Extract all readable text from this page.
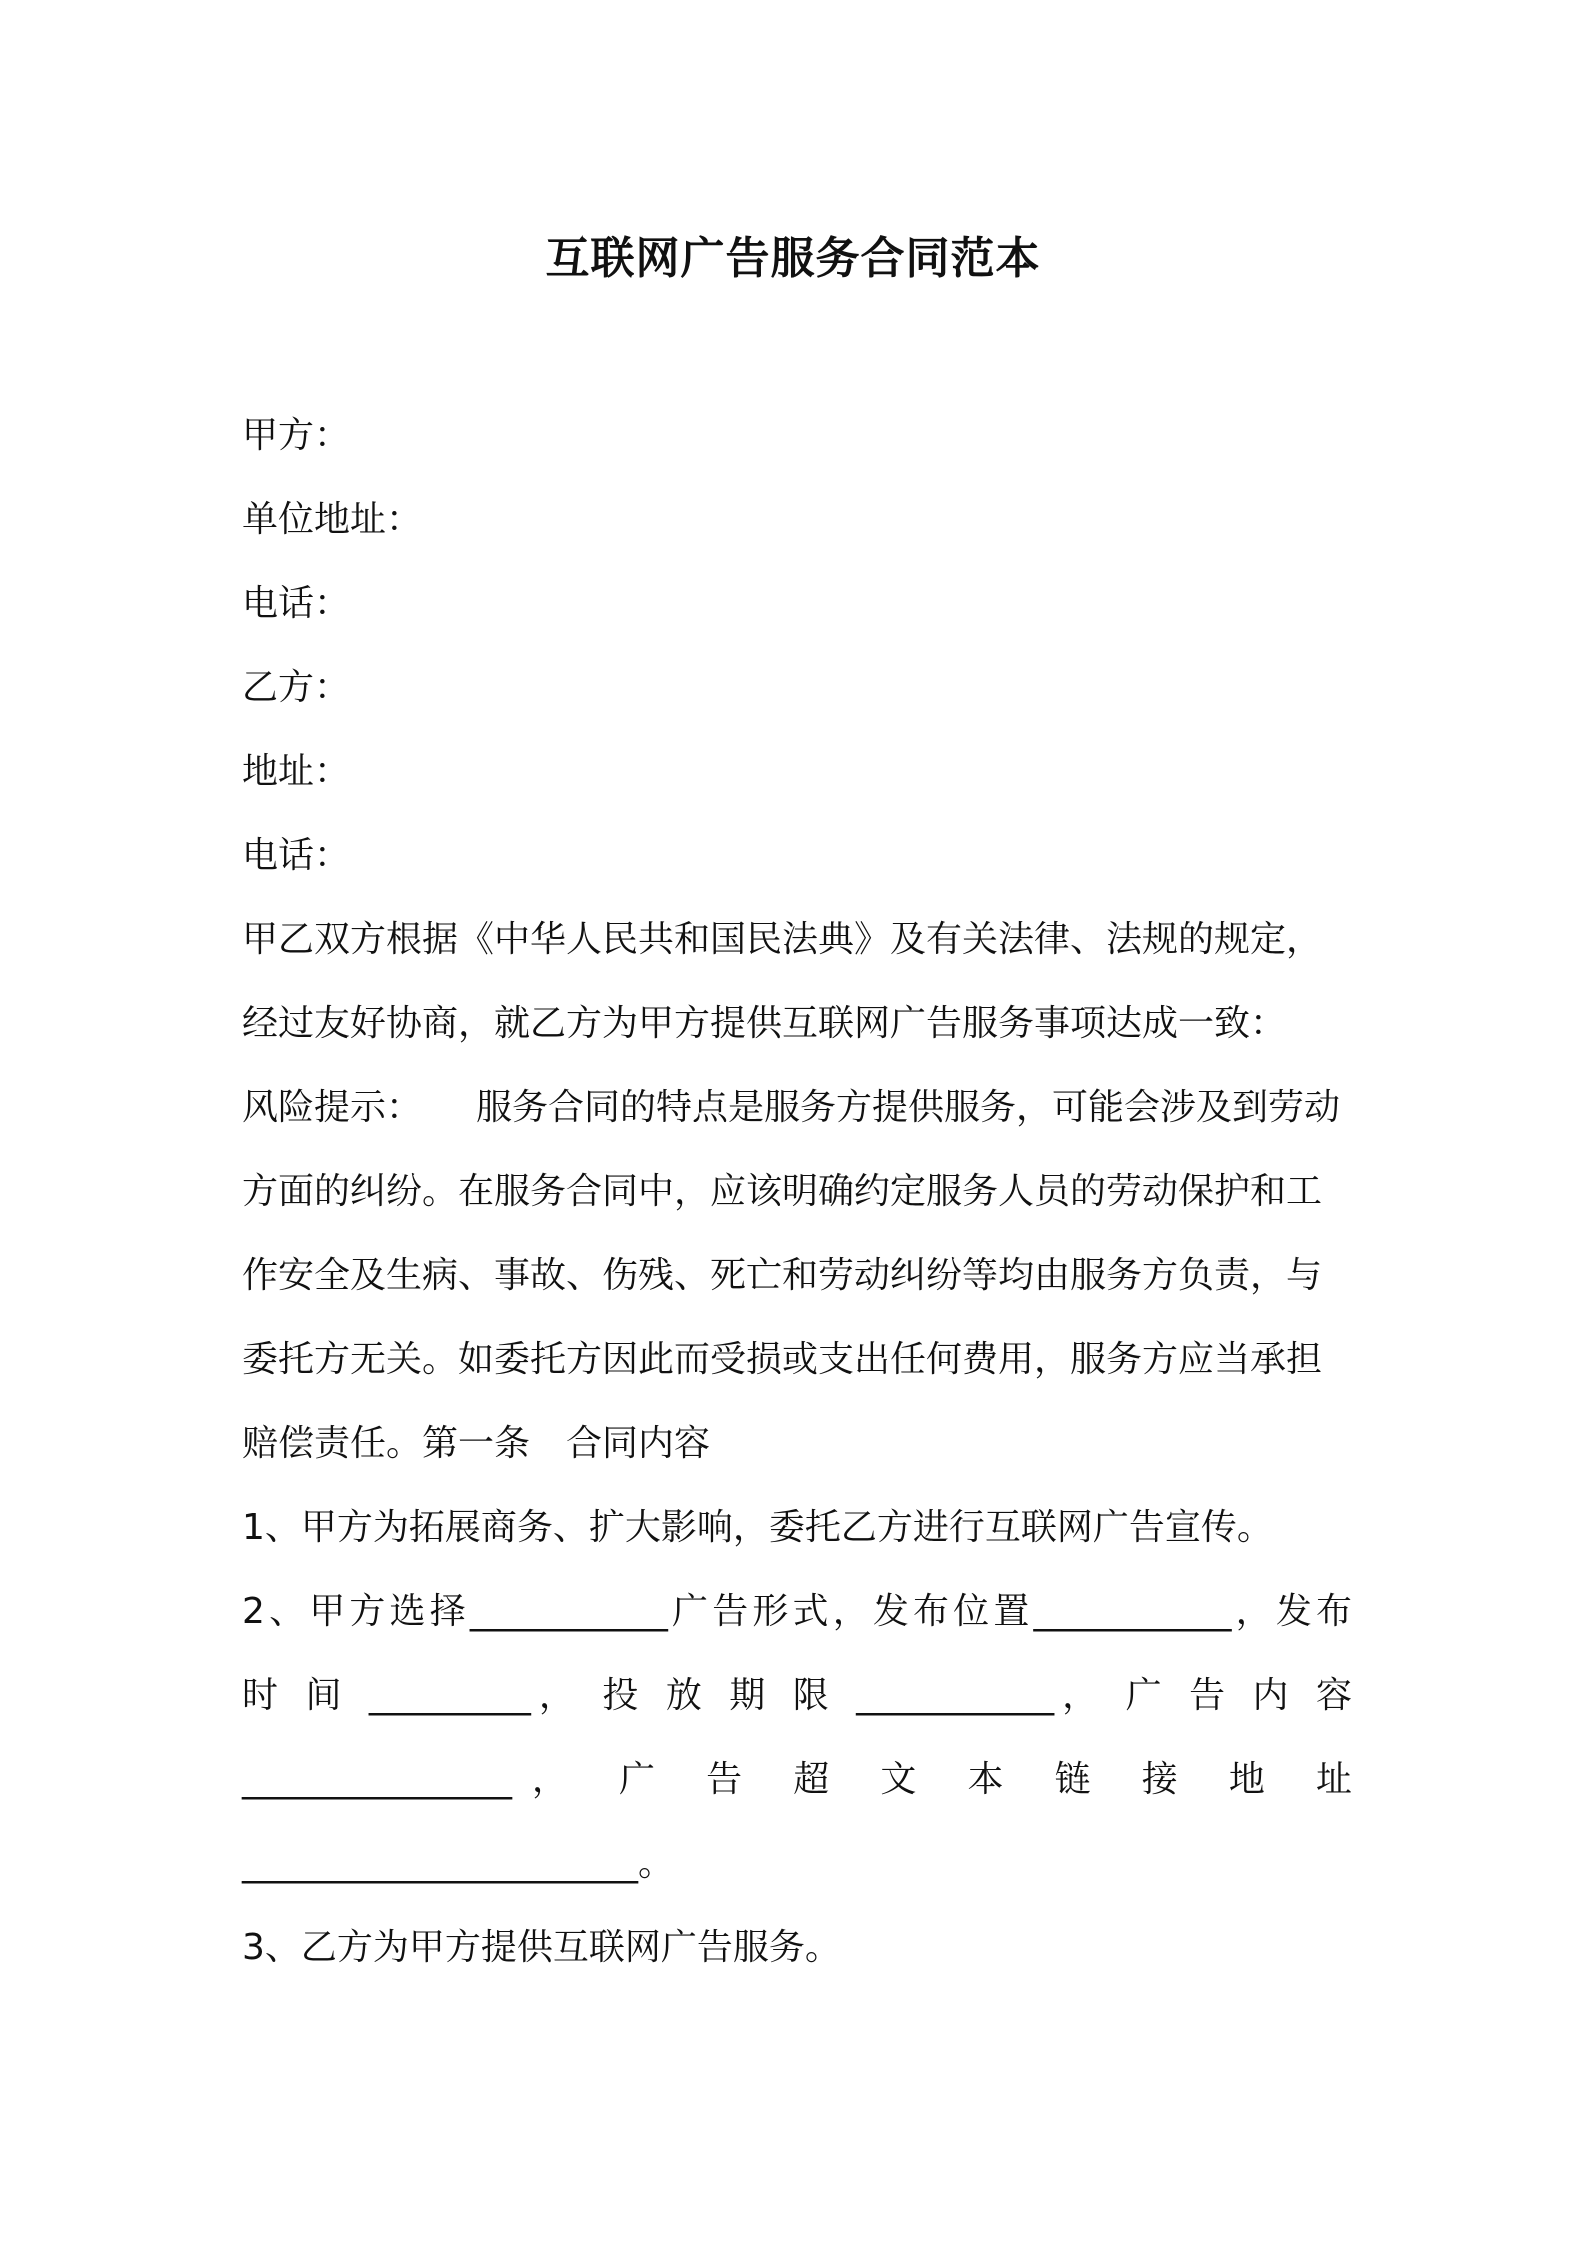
互联网广告服务合同范本
甲方：
单位地址：
电话：
乙方：
地址：
电话：
甲乙双方根据《中华人民共和国民法典》及有关法律、法规的规定，
经过友好协商，就乙方为甲方提供互联网广告服务事项达成一致：
风险提示： 服务合同的特点是服务方提供服务，可能会涉及到劳动
方面的纠纷。在服务合同中，应该明确约定服务人员的劳动保护和工
作安全及生病、事故、伤残、死亡和劳动纠纷等均由服务方负责，与
委托方无关。如委托方因此而受损或支出任何费用，服务方应当承担
赔偿责任。第一条 合同内容
1、甲方为拓展商务、扩大影响，委托乙方进行互联网广告宣传。
2、甲方选择___________广告形式，发布位置___________，发布
时 间 _________， 投 放 期 限 ___________， 广 告 内 容
_______________， 广 告 超 文 本 链 接 地 址
______________________。
3、乙方为甲方提供互联网广告服务。
